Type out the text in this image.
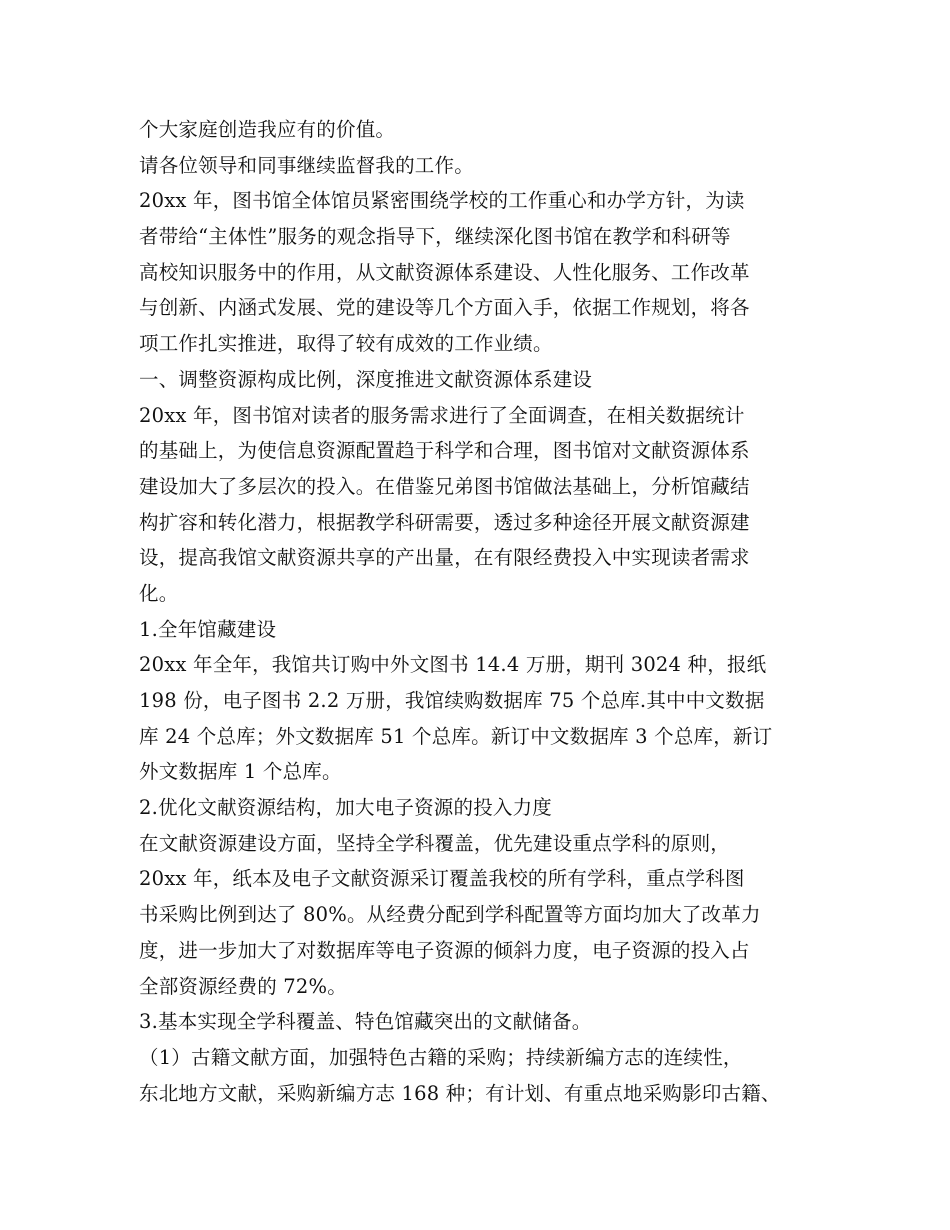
个大家庭创造我应有的价值。
请各位领导和同事继续监督我的工作。
20xx 年，图书馆全体馆员紧密围绕学校的工作重心和办学方针，为读
者带给“主体性”服务的观念指导下，继续深化图书馆在教学和科研等
高校知识服务中的作用，从文献资源体系建设、人性化服务、工作改革
与创新、内涵式发展、党的建设等几个方面入手，依据工作规划，将各
项工作扎实推进，取得了较有成效的工作业绩。
一、调整资源构成比例，深度推进文献资源体系建设
20xx 年，图书馆对读者的服务需求进行了全面调查，在相关数据统计
的基础上，为使信息资源配置趋于科学和合理，图书馆对文献资源体系
建设加大了多层次的投入。在借鉴兄弟图书馆做法基础上，分析馆藏结
构扩容和转化潜力，根据教学科研需要，透过多种途径开展文献资源建
设，提高我馆文献资源共享的产出量，在有限经费投入中实现读者需求
化。
1.全年馆藏建设
20xx 年全年，我馆共订购中外文图书 14.4 万册，期刊 3024 种，报纸
198 份，电子图书 2.2 万册，我馆续购数据库 75 个总库.其中中文数据
库 24 个总库；外文数据库 51 个总库。新订中文数据库 3 个总库，新订
外文数据库 1 个总库。
2.优化文献资源结构，加大电子资源的投入力度
在文献资源建设方面，坚持全学科覆盖，优先建设重点学科的原则，
20xx 年，纸本及电子文献资源采订覆盖我校的所有学科，重点学科图
书采购比例到达了 80%。从经费分配到学科配置等方面均加大了改革力
度，进一步加大了对数据库等电子资源的倾斜力度，电子资源的投入占
全部资源经费的 72%。
3.基本实现全学科覆盖、特色馆藏突出的文献储备。
（1）古籍文献方面，加强特色古籍的采购；持续新编方志的连续性，
东北地方文献，采购新编方志 168 种；有计划、有重点地采购影印古籍、
